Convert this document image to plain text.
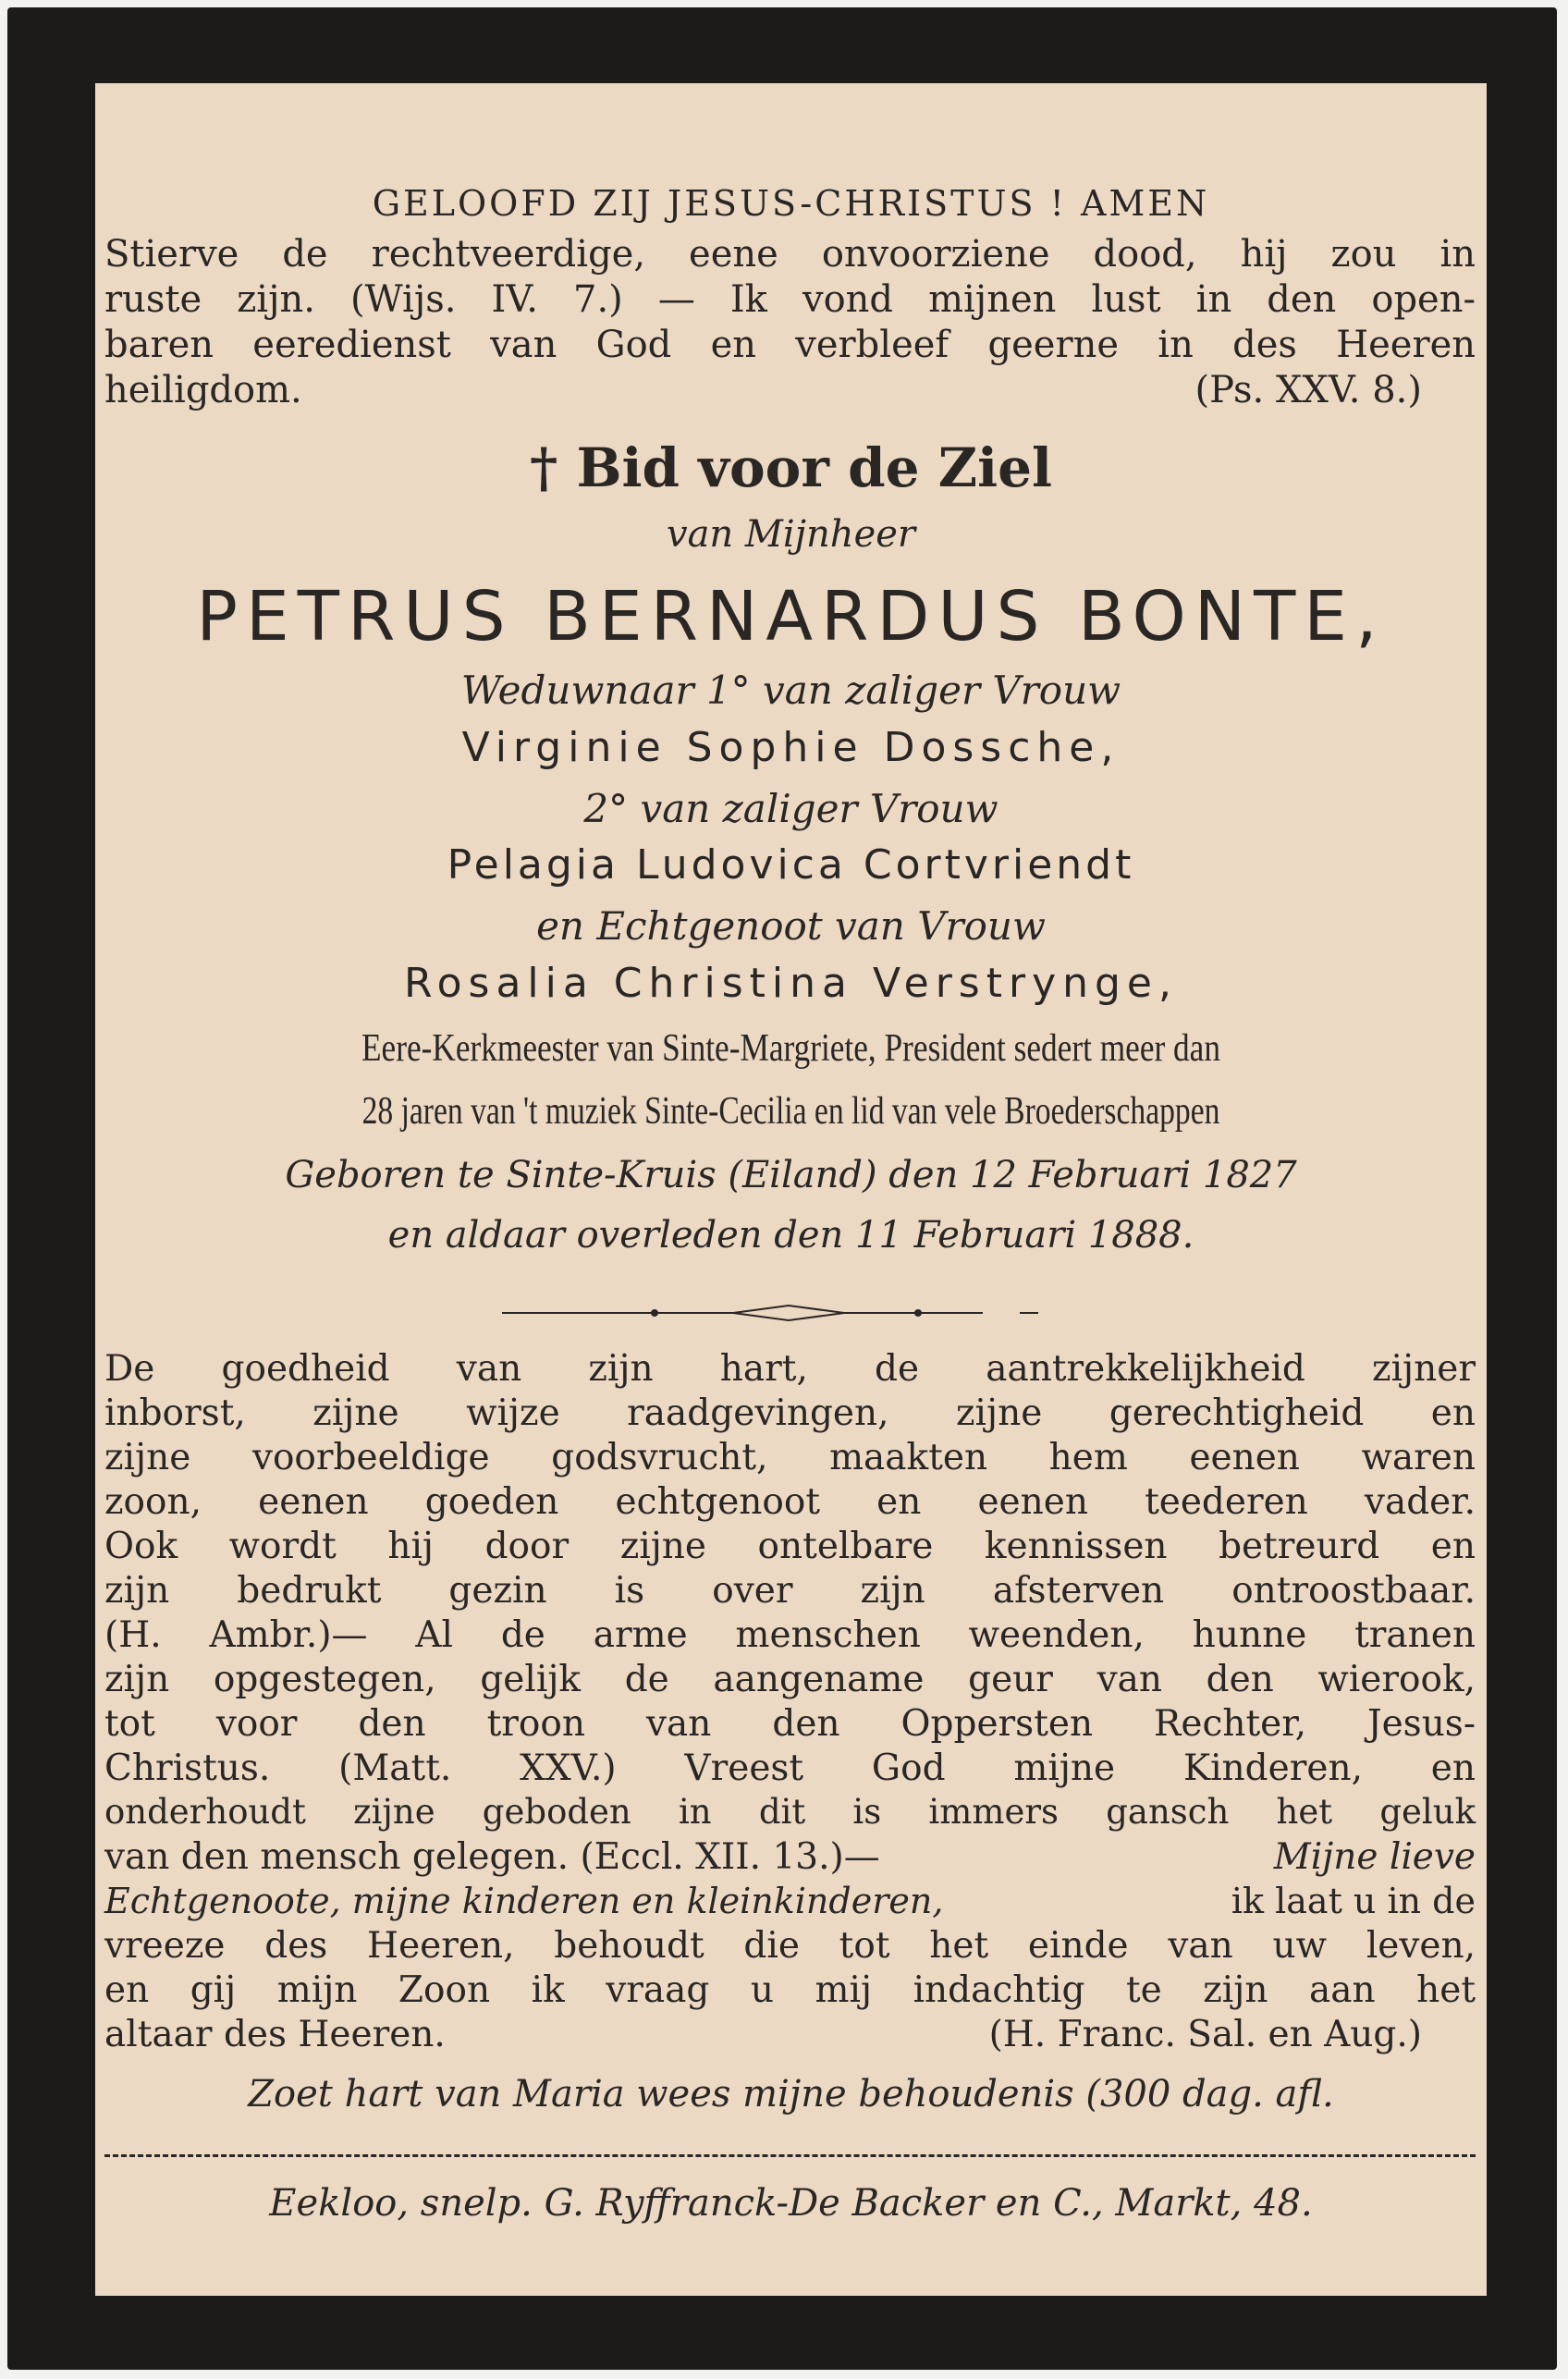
GELOOFD ZIJ JESUS-CHRISTUS ! AMEN

Stierve de rechtveerdige, eene onvoorziene dood, hij zou in

ruste zijn. (Wijs. IV. 7.) — Ik vond mijnen lust in den open-

baren eeredienst van God en verbleef geerne in des Heeren

heiligdom.	(Ps. XXV. 8.)

† Bid voor de Ziel

van Mijnheer

PETRUS BERNARDUS BONTE,

Weduwnaar 1° van zaliger Vrouw

Virginie Sophie Dossche,

2° van zaliger Vrouw

Pelagia Ludovica Cortvriendt

en Echtgenoot van Vrouw

Rosalia Christina Verstrynge,

Eere-Kerkmeester van Sinte-Margriete, President sedert meer dan

28 jaren van 't muziek Sinte-Cecilia en lid van vele Broederschappen

Geboren te Sinte-Kruis (Eiland) den 12 Februari 1827

en aldaar overleden den 11 Februari 1888.

De goedheid van zijn hart, de aantrekkelijkheid zijner

inborst, zijne wijze raadgevingen, zijne gerechtigheid en

zijne voorbeeldige godsvrucht, maakten hem eenen waren

zoon, eenen goeden echtgenoot en eenen teederen vader.

Ook wordt hij door zijne ontelbare kennissen betreurd en

zijn bedrukt gezin is over zijn afsterven ontroostbaar.

(H. Ambr.)— Al de arme menschen weenden, hunne tranen

zijn opgestegen, gelijk de aangename geur van den wierook,

tot voor den troon van den Oppersten Rechter, Jesus-

Christus. (Matt. XXV.) Vreest God mijne Kinderen, en

onderhoudt zijne geboden in dit is immers gansch het geluk

van den mensch gelegen. (Eccl. XII. 13.)—	Mijne lieve

Echtgenoote, mijne kinderen en kleinkinderen,	ik laat u in de

vreeze des Heeren, behoudt die tot het einde van uw leven,

en gij mijn Zoon ik vraag u mij indachtig te zijn aan het

altaar des Heeren.	(H. Franc. Sal. en Aug.)

Zoet hart van Maria wees mijne behoudenis (300 dag. afl.

Eekloo, snelp. G. Ryffranck-De Backer en C., Markt, 48.
